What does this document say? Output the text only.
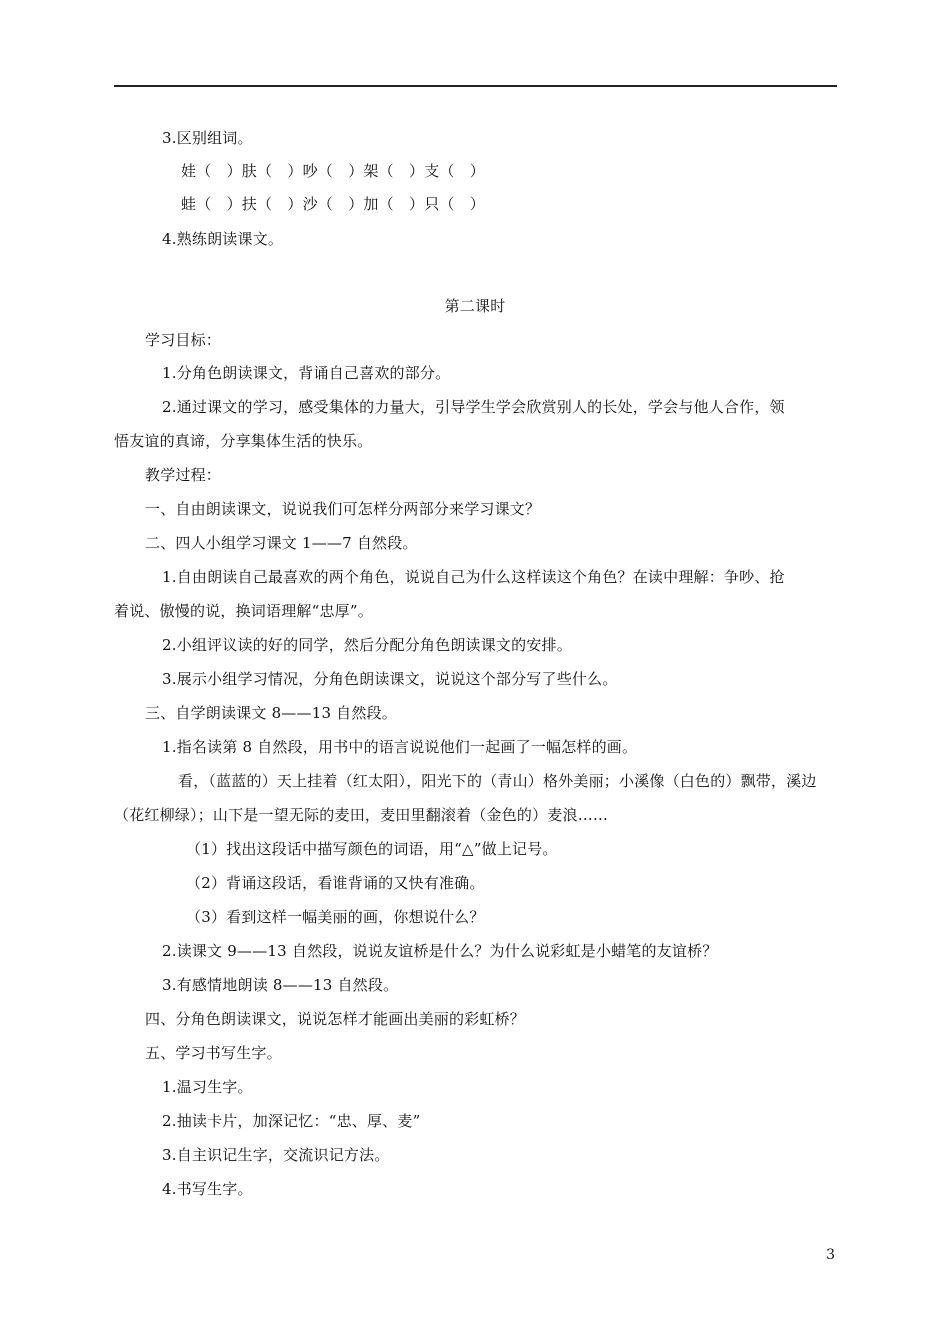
3.区别组词。
娃（　）肤（　）吵（　）架（　）支（　）
蛙（　）扶（　）沙（　）加（　）只（　）
4.熟练朗读课文。
第二课时
学习目标：
1.分角色朗读课文，背诵自己喜欢的部分。
2.通过课文的学习，感受集体的力量大，引导学生学会欣赏别人的长处，学会与他人合作，领
悟友谊的真谛，分享集体生活的快乐。
教学过程：
一、自由朗读课文，说说我们可怎样分两部分来学习课文？
二、四人小组学习课文 1——7 自然段。
1.自由朗读自己最喜欢的两个角色，说说自己为什么这样读这个角色？在读中理解：争吵、抢
着说、傲慢的说，换词语理解“忠厚”。
2.小组评议读的好的同学，然后分配分角色朗读课文的安排。
3.展示小组学习情况，分角色朗读课文，说说这个部分写了些什么。
三、自学朗读课文 8——13 自然段。
1.指名读第 8 自然段，用书中的语言说说他们一起画了一幅怎样的画。
看，（蓝蓝的）天上挂着（红太阳），阳光下的（青山）格外美丽；小溪像（白色的）飘带，溪边
（花红柳绿）；山下是一望无际的麦田，麦田里翻滚着（金色的）麦浪……
（1）找出这段话中描写颜色的词语，用“△”做上记号。
（2）背诵这段话，看谁背诵的又快有准确。
（3）看到这样一幅美丽的画，你想说什么？
2.读课文 9——13 自然段，说说友谊桥是什么？为什么说彩虹是小蜡笔的友谊桥？
3.有感情地朗读 8——13 自然段。
四、分角色朗读课文，说说怎样才能画出美丽的彩虹桥？
五、学习书写生字。
1.温习生字。
2.抽读卡片，加深记忆：“忠、厚、麦”
3.自主识记生字，交流识记方法。
4.书写生字。
3
